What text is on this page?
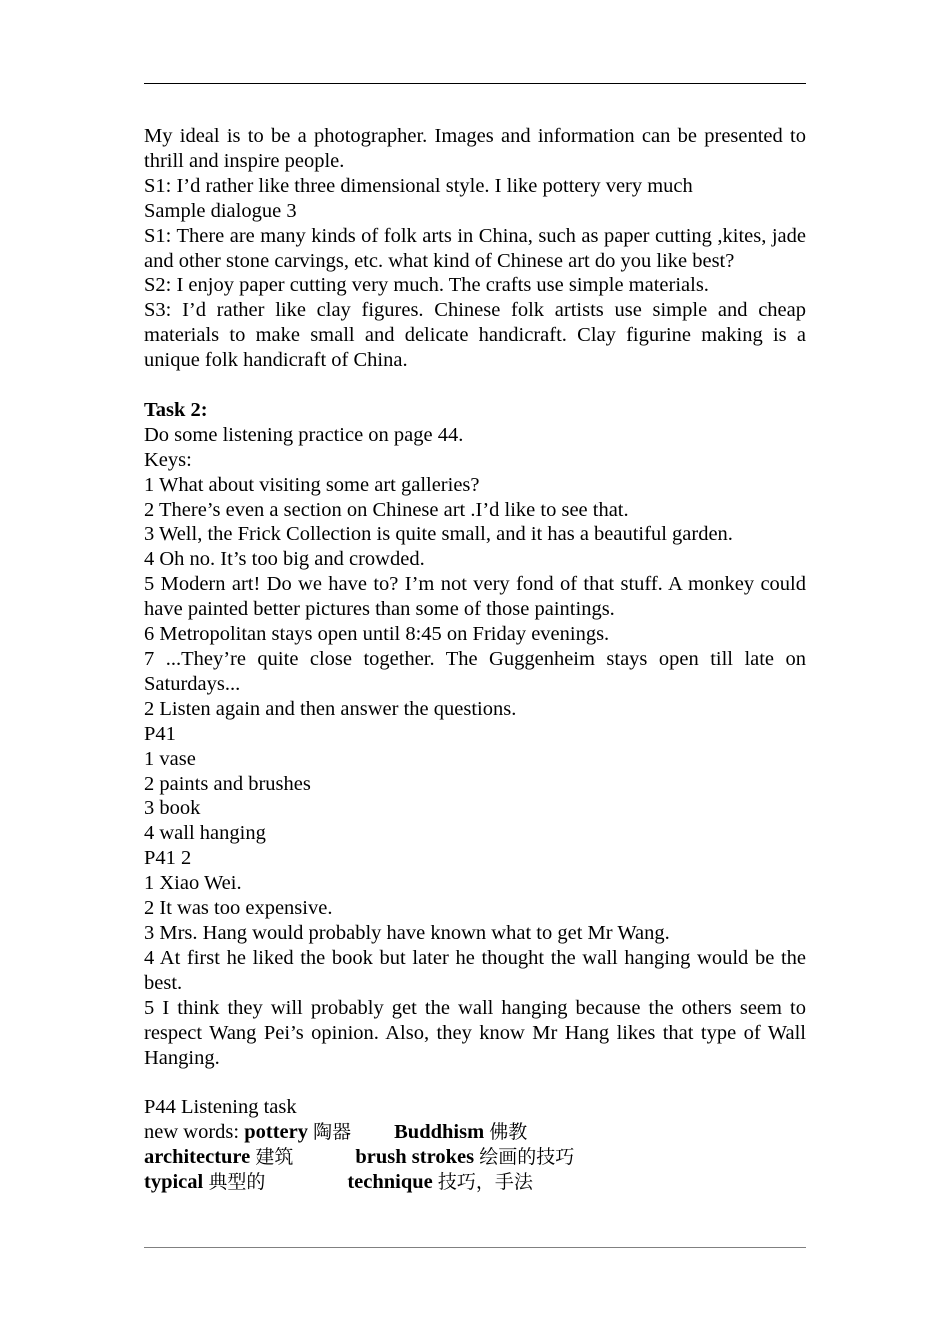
My ideal is to be a photographer. Images and information can be presented to thrill and inspire people.

S1: I’d rather like three dimensional style. I like pottery very much

Sample dialogue 3

S1: There are many kinds of folk arts in China, such as paper cutting ,kites, jade and other stone carvings, etc. what kind of Chinese art do you like best?

S2: I enjoy paper cutting very much. The crafts use simple materials.

S3: I’d rather like clay figures. Chinese folk artists use simple and cheap materials to make small and delicate handicraft. Clay figurine making is a unique folk handicraft of China.

Task 2:

Do some listening practice on page 44.

Keys:

1 What about visiting some art galleries?

2 There’s even a section on Chinese art .I’d like to see that.

3 Well, the Frick Collection is quite small, and it has a beautiful garden.

4 Oh no. It’s too big and crowded.

5 Modern art! Do we have to? I’m not very fond of that stuff. A monkey could have painted better pictures than some of those paintings.

6 Metropolitan stays open until 8:45 on Friday evenings.

7 ...They’re quite close together. The Guggenheim stays open till late on Saturdays...

2 Listen again and then answer the questions.

P41

1 vase

2 paints and brushes

3 book

4 wall hanging

P41 2

1 Xiao Wei.

2 It was too expensive.

3 Mrs. Hang would probably have known what to get Mr Wang.

4 At first he liked the book but later he thought the wall hanging would be the best.

5 I think they will probably get the wall hanging because the others seem to respect Wang Pei’s opinion. Also, they know Mr Hang likes that type of Wall Hanging.

P44 Listening task

new words: pottery 陶器 Buddhism 佛教

architecture 建筑	brush strokes 绘画的技巧

typical 典型的	technique 技巧，手法
